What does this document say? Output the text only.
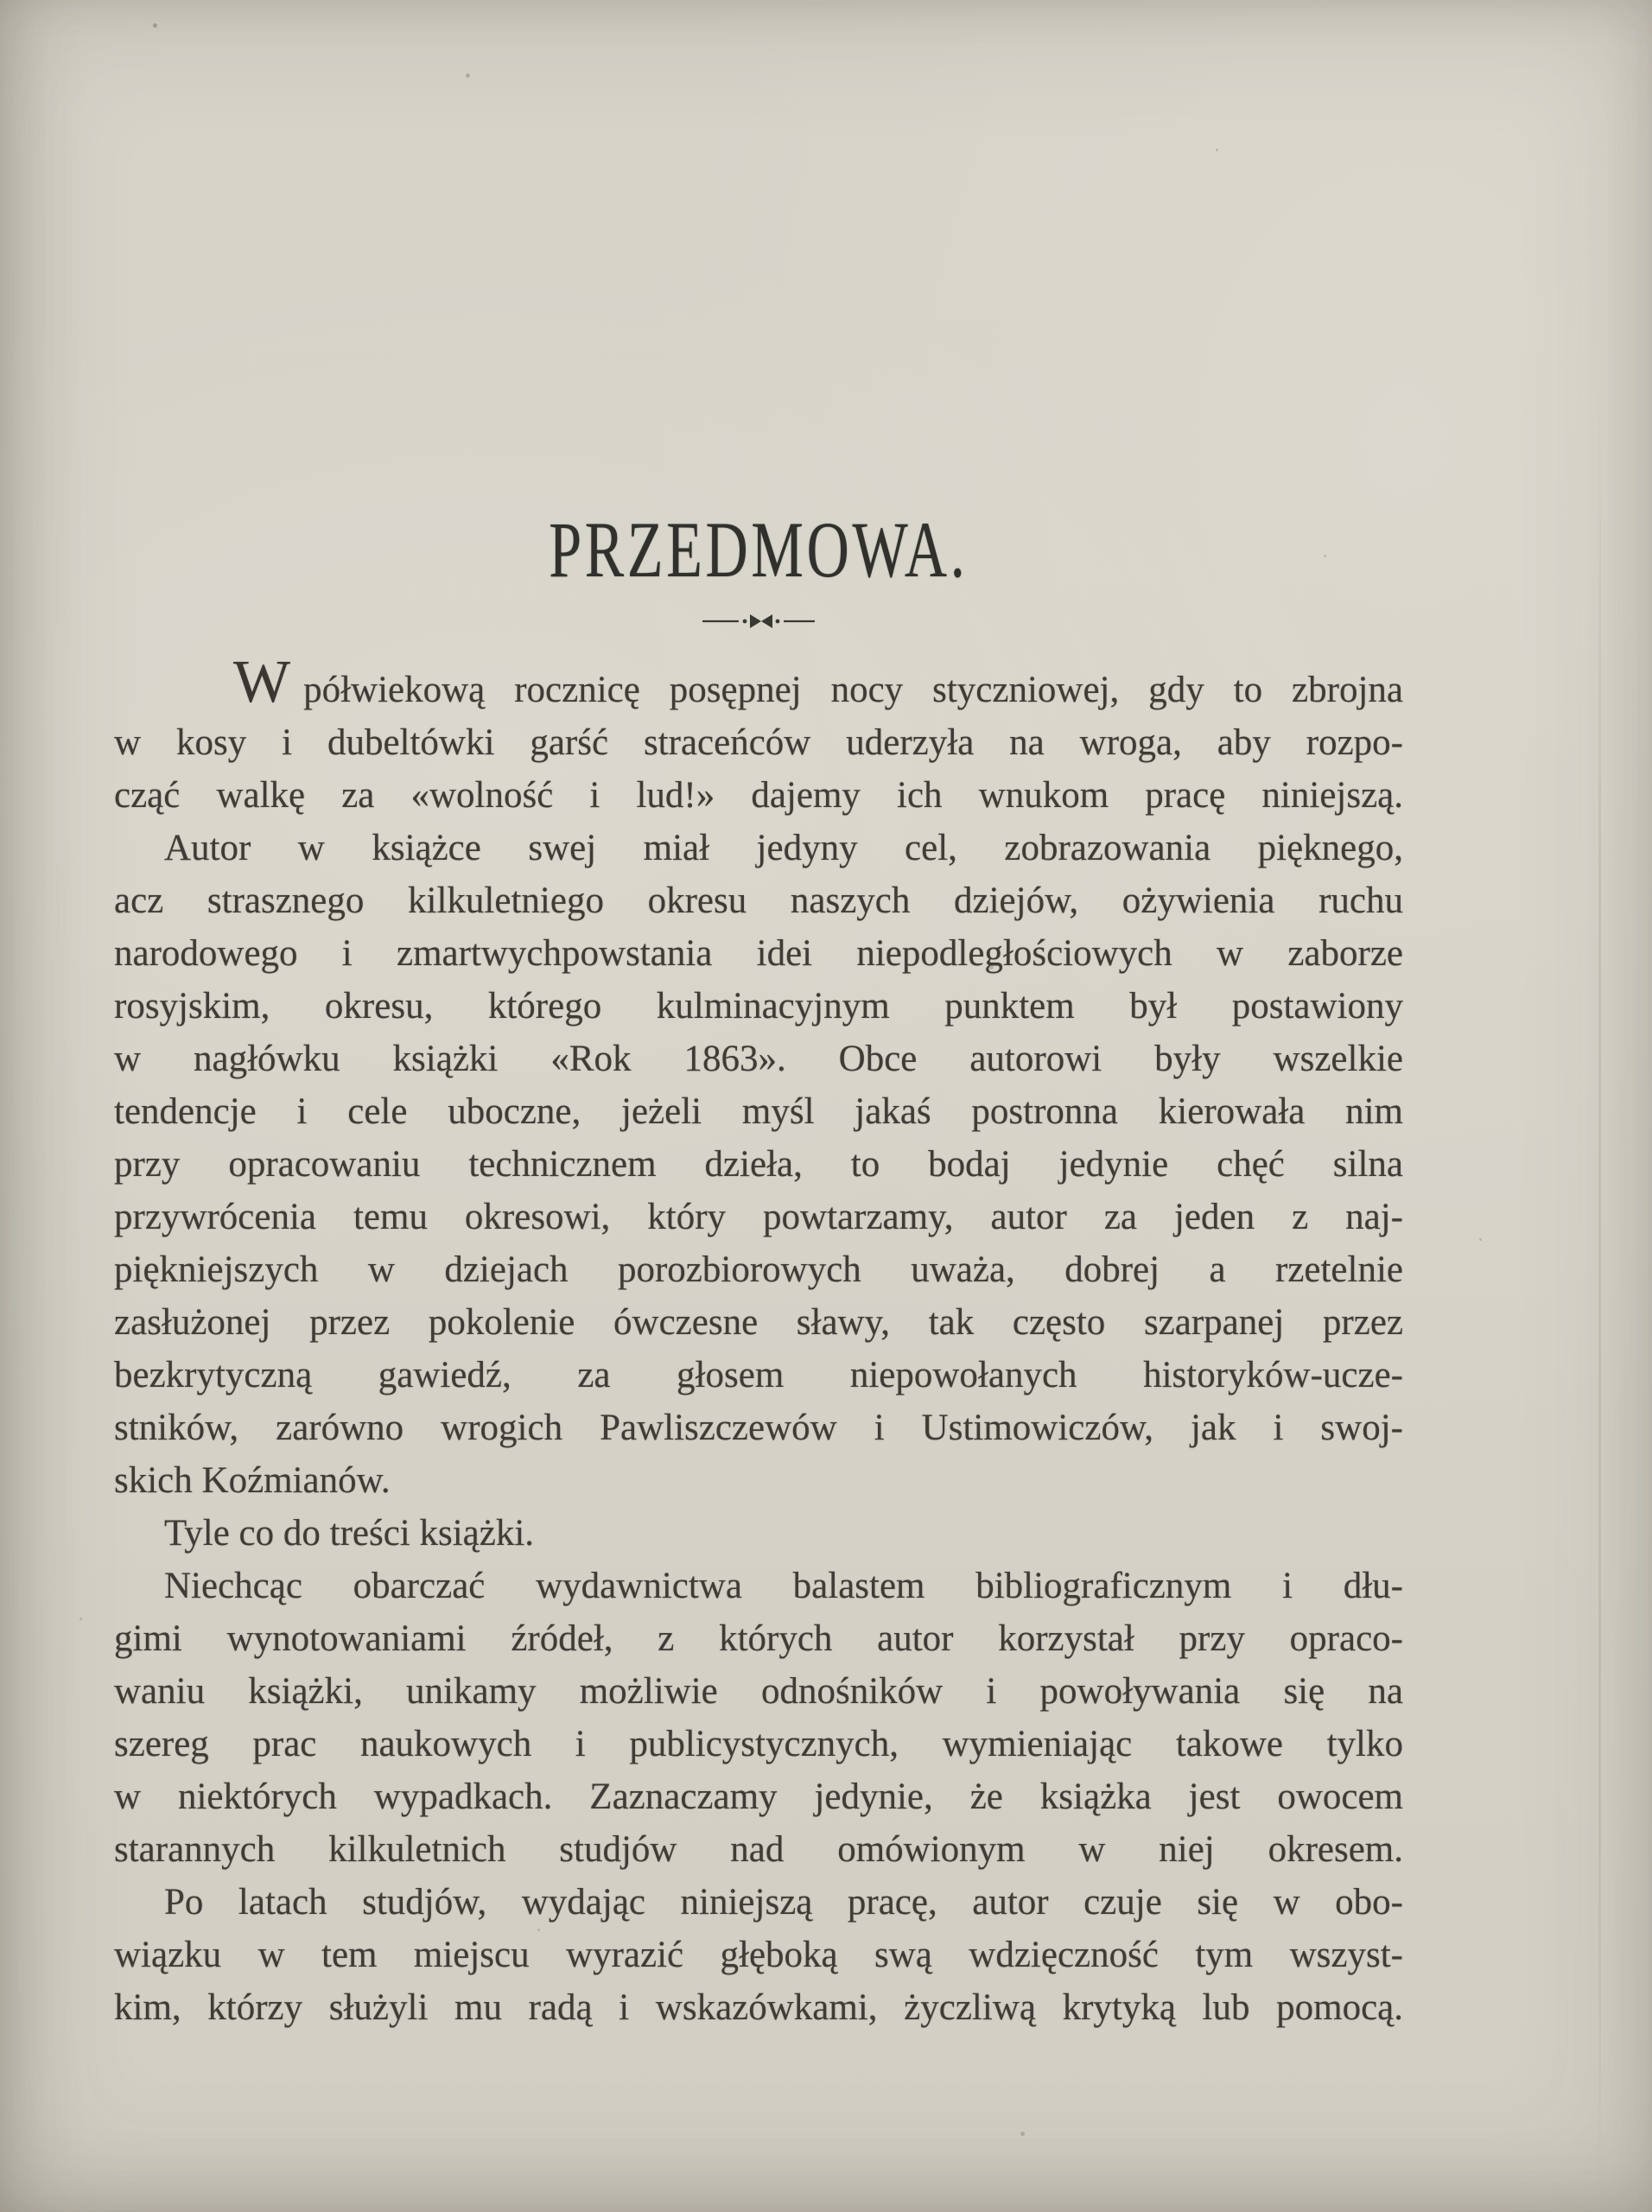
PRZEDMOWA.
Wpółwiekową rocznicę posępnej nocy styczniowej, gdy to zbrojna
w kosy i dubeltówki garść straceńców uderzyła na wroga, aby rozpo-
cząć walkę za «wolność i lud!» dajemy ich wnukom pracę niniejszą.
Autor w książce swej miał jedyny cel, zobrazowania pięknego,
acz strasznego kilkuletniego okresu naszych dziejów, ożywienia ruchu
narodowego i zmartwychpowstania idei niepodległościowych w zaborze
rosyjskim, okresu, którego kulminacyjnym punktem był postawiony
w nagłówku książki «Rok 1863». Obce autorowi były wszelkie
tendencje i cele uboczne, jeżeli myśl jakaś postronna kierowała nim
przy opracowaniu technicznem dzieła, to bodaj jedynie chęć silna
przywrócenia temu okresowi, który powtarzamy, autor za jeden z naj-
piękniejszych w dziejach porozbiorowych uważa, dobrej a rzetelnie
zasłużonej przez pokolenie ówczesne sławy, tak często szarpanej przez
bezkrytyczną gawiedź, za głosem niepowołanych historyków-ucze-
stników, zarówno wrogich Pawliszczewów i Ustimowiczów, jak i swoj-
skich Koźmianów.
Tyle co do treści książki.
Niechcąc obarczać wydawnictwa balastem bibliograficznym i dłu-
gimi wynotowaniami źródeł, z których autor korzystał przy opraco-
waniu książki, unikamy możliwie odnośników i powoływania się na
szereg prac naukowych i publicystycznych, wymieniając takowe tylko
w niektórych wypadkach. Zaznaczamy jedynie, że książka jest owocem
starannych kilkuletnich studjów nad omówionym w niej okresem.
Po latach studjów, wydając niniejszą pracę, autor czuje się w obo-
wiązku w tem miejscu wyrazić głęboką swą wdzięczność tym wszyst-
kim, którzy służyli mu radą i wskazówkami, życzliwą krytyką lub pomocą.
